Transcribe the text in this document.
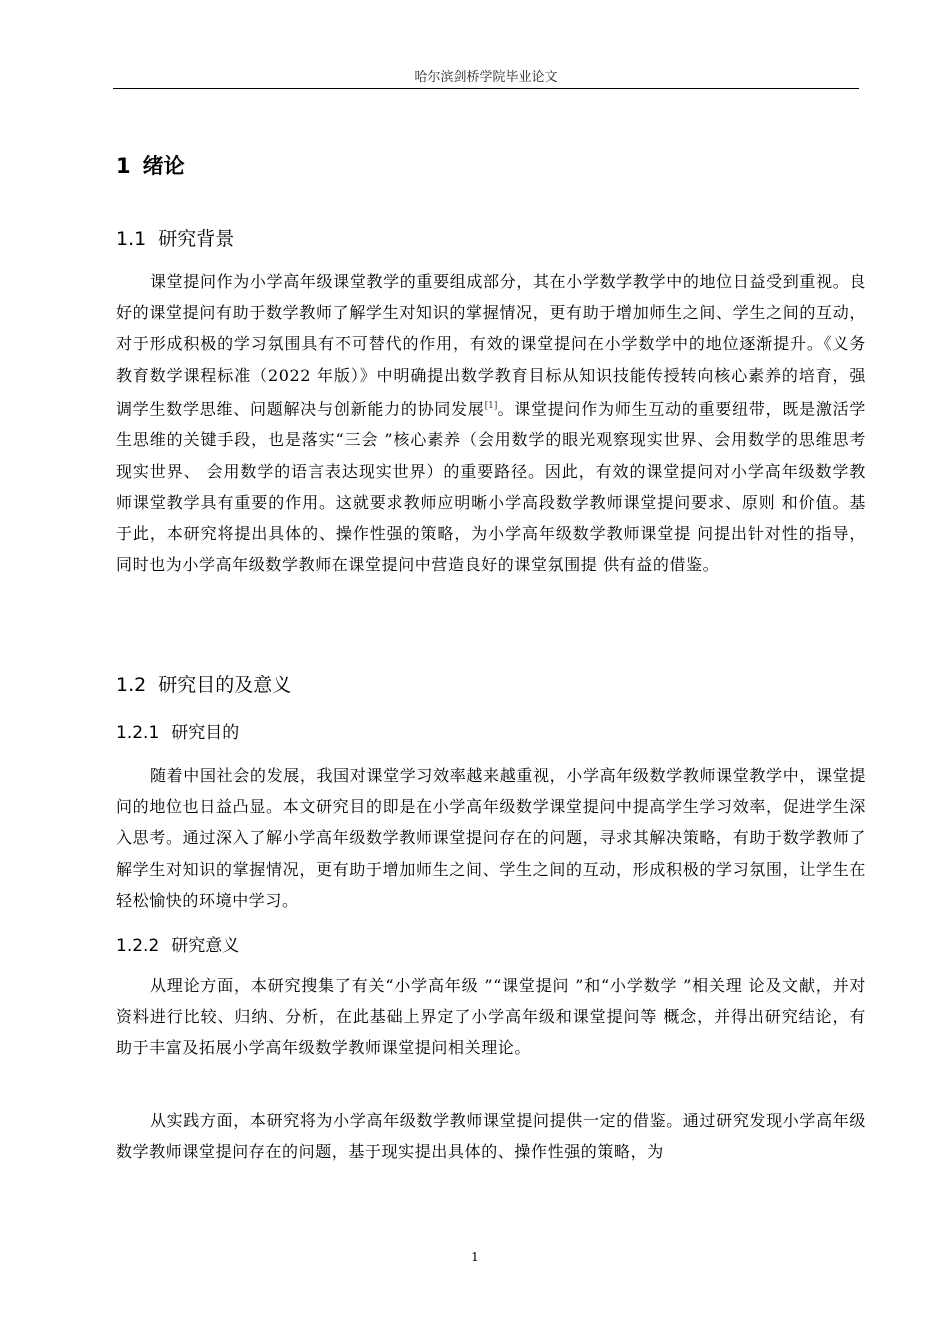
哈尔滨剑桥学院毕业论文
1 绪论
1.1 研究背景

课堂提问作为小学高年级课堂教学的重要组成部分，其在小学数学教学中的地位日益受到重视。良好的课堂提问有助于数学教师了解学生对知识的掌握情况，更有助于增加师生之间、学生之间的互动，对于形成积极的学习氛围具有不可替代的作用，有效的课堂提问在小学数学中的地位逐渐提升。《义务教育数学课程标准（2022 年版）》中明确提出数学教育目标从知识技能传授转向核心素养的培育，强调学生数学思维、问题解决与创新能力的协同发展[1]。课堂提问作为师生互动的重要纽带，既是激活学生思维的关键手段，也是落实“三会 ”核心素养（会用数学的眼光观察现实世界、会用数学的思维思考现实世界、 会用数学的语言表达现实世界）的重要路径。因此，有效的课堂提问对小学高年级数学教 师课堂教学具有重要的作用。这就要求教师应明晰小学高段数学教师课堂提问要求、原则 和价值。基于此，本研究将提出具体的、操作性强的策略，为小学高年级数学教师课堂提 问提出针对性的指导，同时也为小学高年级数学教师在课堂提问中营造良好的课堂氛围提 供有益的借鉴。

1.2 研究目的及意义
1.2.1 研究目的

随着中国社会的发展，我国对课堂学习效率越来越重视，小学高年级数学教师课堂教学中，课堂提问的地位也日益凸显。本文研究目的即是在小学高年级数学课堂提问中提高学生学习效率，促进学生深入思考。通过深入了解小学高年级数学教师课堂提问存在的问题，寻求其解决策略，有助于数学教师了解学生对知识的掌握情况，更有助于增加师生之间、学生之间的互动，形成积极的学习氛围，让学生在轻松愉快的环境中学习。

1.2.2 研究意义

从理论方面，本研究搜集了有关“小学高年级 ”“课堂提问 ”和“小学数学 ”相关理 论及文献，并对资料进行比较、归纳、分析，在此基础上界定了小学高年级和课堂提问等 概念，并得出研究结论，有助于丰富及拓展小学高年级数学教师课堂提问相关理论。

从实践方面，本研究将为小学高年级数学教师课堂提问提供一定的借鉴。通过研究发现小学高年级数学教师课堂提问存在的问题，基于现实提出具体的、操作性强的策略，为

1
